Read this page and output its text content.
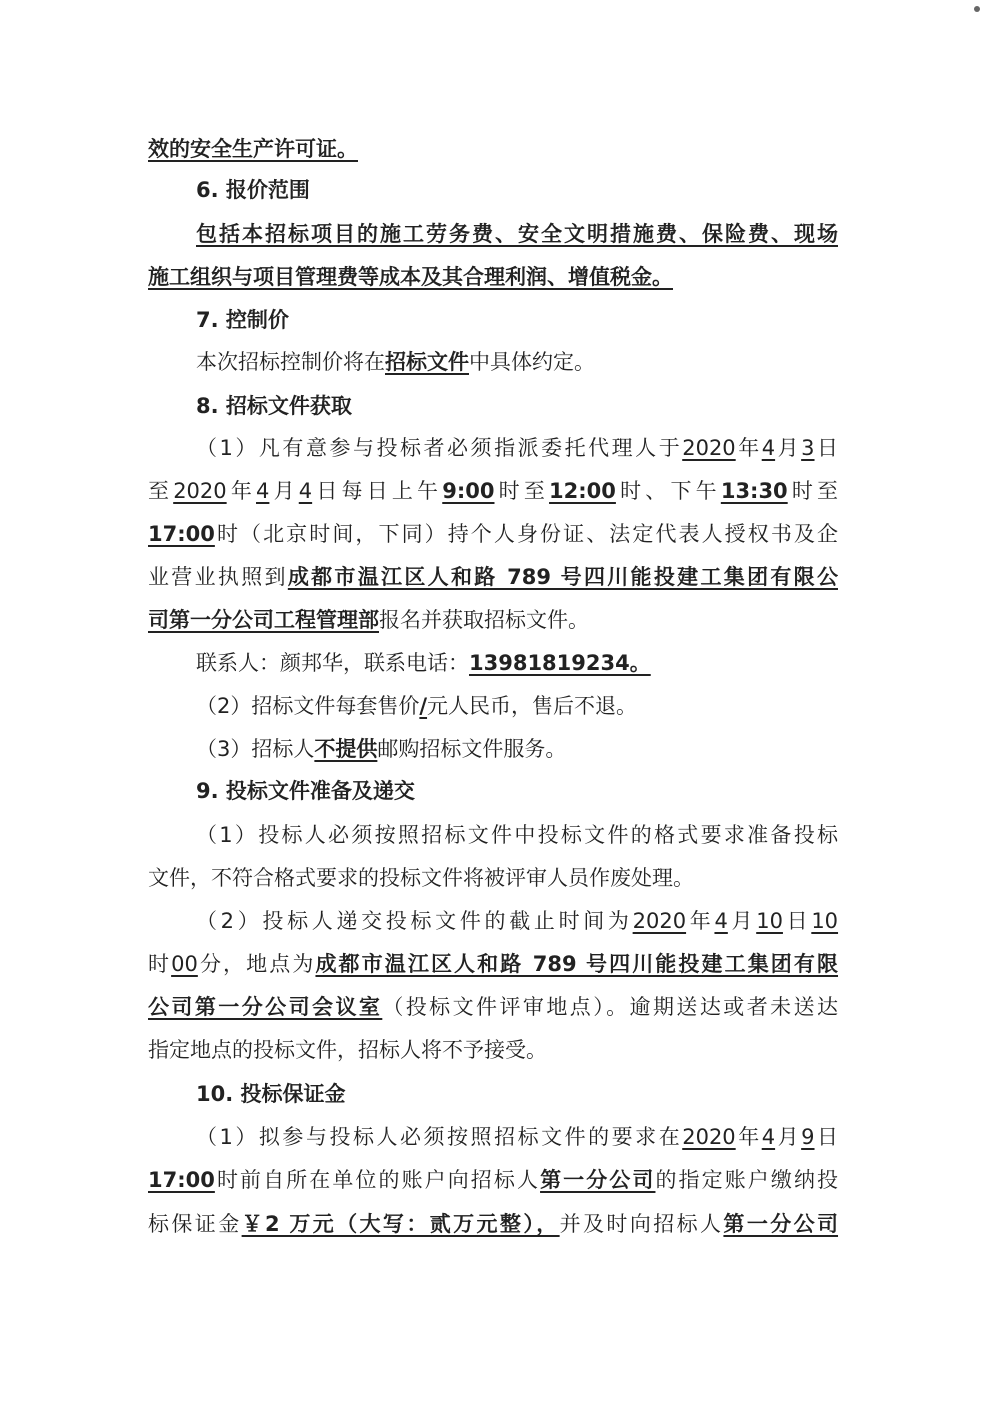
效的安全生产许可证。
6. 报价范围
包括本招标项目的施工劳务费、安全文明措施费、保险费、现场
施工组织与项目管理费等成本及其合理利润、增值税金。
7. 控制价
本次招标控制价将在招标文件中具体约定。
8. 招标文件获取
（1）凡有意参与投标者必须指派委托代理人于2020年4月3日
至2020年4月4日每日上午9:00时至12:00时、下午13:30时至
17:00时（北京时间，下同）持个人身份证、法定代表人授权书及企
业营业执照到成都市温江区人和路 789 号四川能投建工集团有限公
司第一分公司工程管理部报名并获取招标文件。
联系人：颜邦华，联系电话：13981819234。
（2）招标文件每套售价/元人民币，售后不退。
（3）招标人不提供邮购招标文件服务。
9. 投标文件准备及递交
（1）投标人必须按照招标文件中投标文件的格式要求准备投标
文件，不符合格式要求的投标文件将被评审人员作废处理。
（2）投标人递交投标文件的截止时间为2020年4月10日10
时00分，地点为成都市温江区人和路 789 号四川能投建工集团有限
公司第一分公司会议室（投标文件评审地点）。逾期送达或者未送达
指定地点的投标文件，招标人将不予接受。
10. 投标保证金
（1）拟参与投标人必须按照招标文件的要求在2020年4月9日
17:00时前自所在单位的账户向招标人第一分公司的指定账户缴纳投
标保证金￥2 万元（大写：贰万元整），并及时向招标人第一分公司
